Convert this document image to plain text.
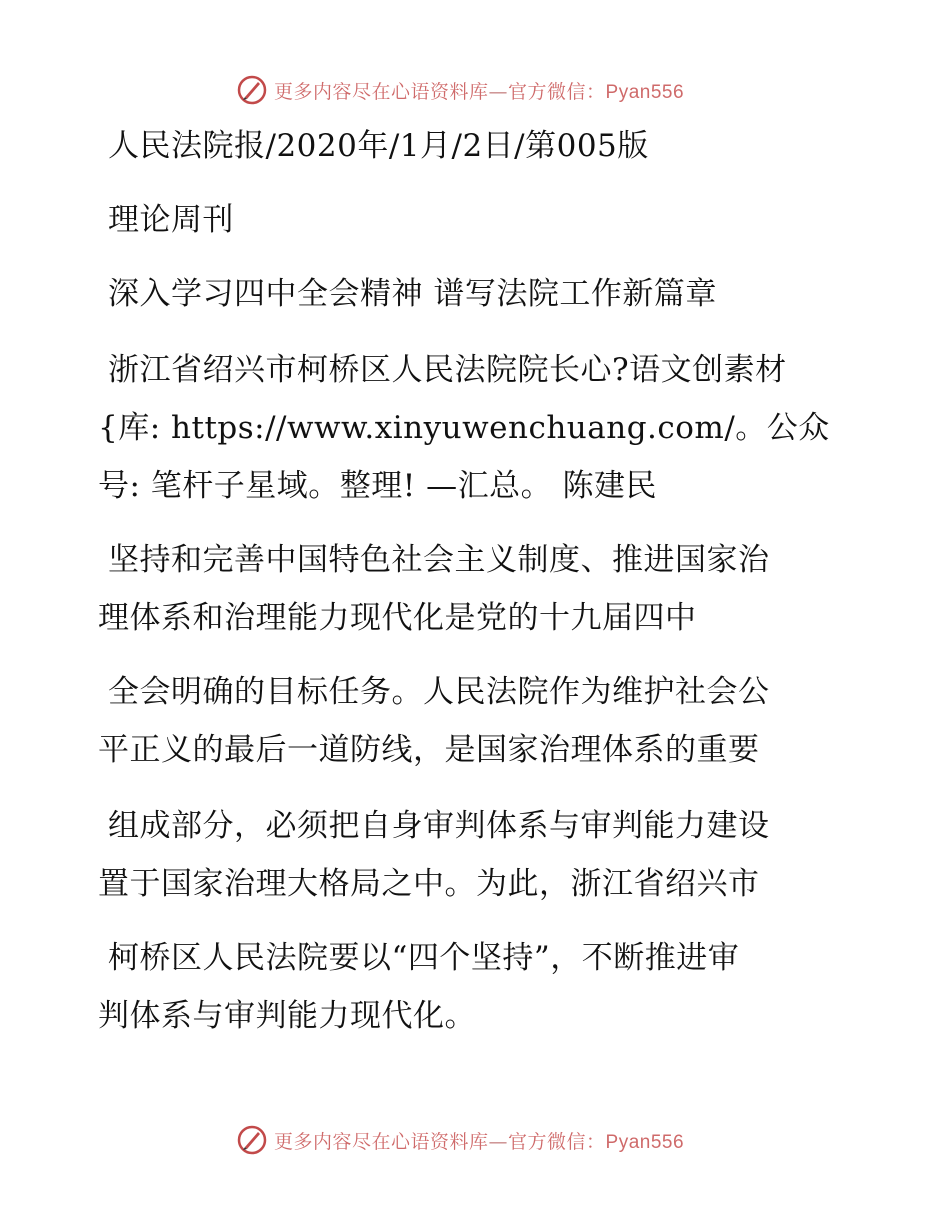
更多内容尽在心语资料库—官方微信：Pyan556
人民法院报/2020年/1月/2日/第005版
理论周刊
深入学习四中全会精神 谱写法院工作新篇章
浙江省绍兴市柯桥区人民法院院长心?语文创素材
{库: https://www.xinyuwenchuang.com/。公众
号: 笔杆子星域。整理! —汇总。 陈建民
坚持和完善中国特色社会主义制度、推进国家治
理体系和治理能力现代化是党的十九届四中
全会明确的目标任务。人民法院作为维护社会公
平正义的最后一道防线，是国家治理体系的重要
组成部分，必须把自身审判体系与审判能力建设
置于国家治理大格局之中。为此，浙江省绍兴市
柯桥区人民法院要以“四个坚持”，不断推进审
判体系与审判能力现代化。
更多内容尽在心语资料库—官方微信：Pyan556
